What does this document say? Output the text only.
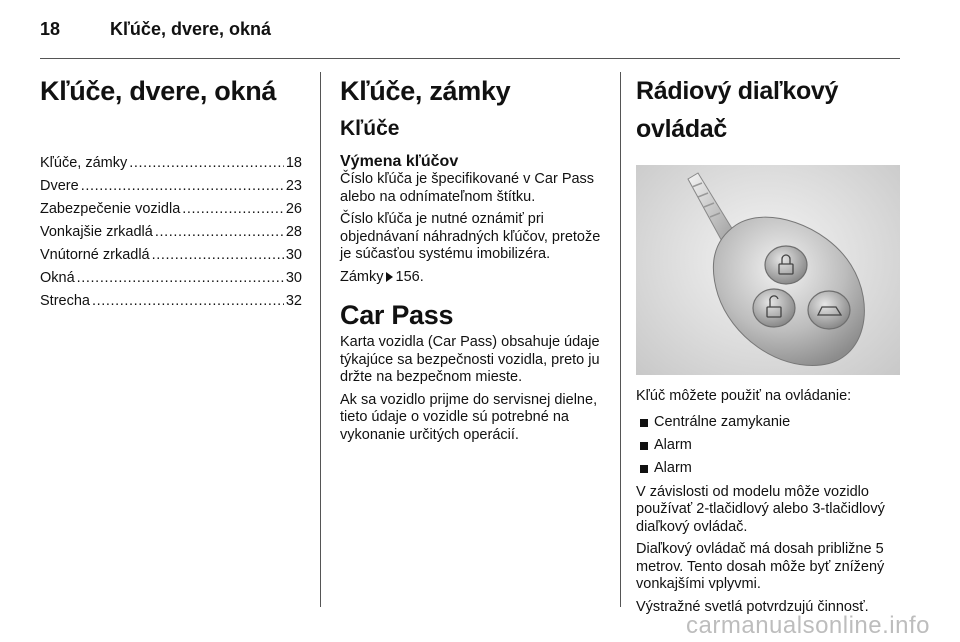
18	Kľúče, dvere, okná
Kľúče, dvere, okná
Kľúče, zámky .....	18
Dvere .....	23
Zabezpečenie vozidla .....	26
Vonkajšie zrkadlá .....	28
Vnútorné zrkadlá .....	30
Okná .....	30
Strecha .....	32
Kľúče, zámky
Kľúče
Výmena kľúčov

Číslo kľúča je špecifikované v Car Pass alebo na odnímateľnom štítku.

Číslo kľúča je nutné oznámiť pri objednávaní náhradných kľúčov, pretože je súčasťou systému imobilizéra.

Zámky 156.

Car Pass

Karta vozidla (Car Pass) obsahuje údaje týkajúce sa bezpečnosti vozidla, preto ju držte na bezpečnom mieste.

Ak sa vozidlo prijme do servisnej dielne, tieto údaje o vozidle sú potrebné na vykonanie určitých operácií.

Rádiový diaľkový ovládač

Kľúč môžete použiť na ovládanie:

Centrálne zamykanie
Alarm
Alarm

V závislosti od modelu môže vozidlo používať 2-tlačidlový alebo 3-tlačidlový diaľkový ovládač.

Diaľkový ovládač má dosah približne 5 metrov. Tento dosah môže byť znížený vonkajšími vplyvmi.

Výstražné svetlá potvrdzujú činnosť.

carmanualsonline.info
